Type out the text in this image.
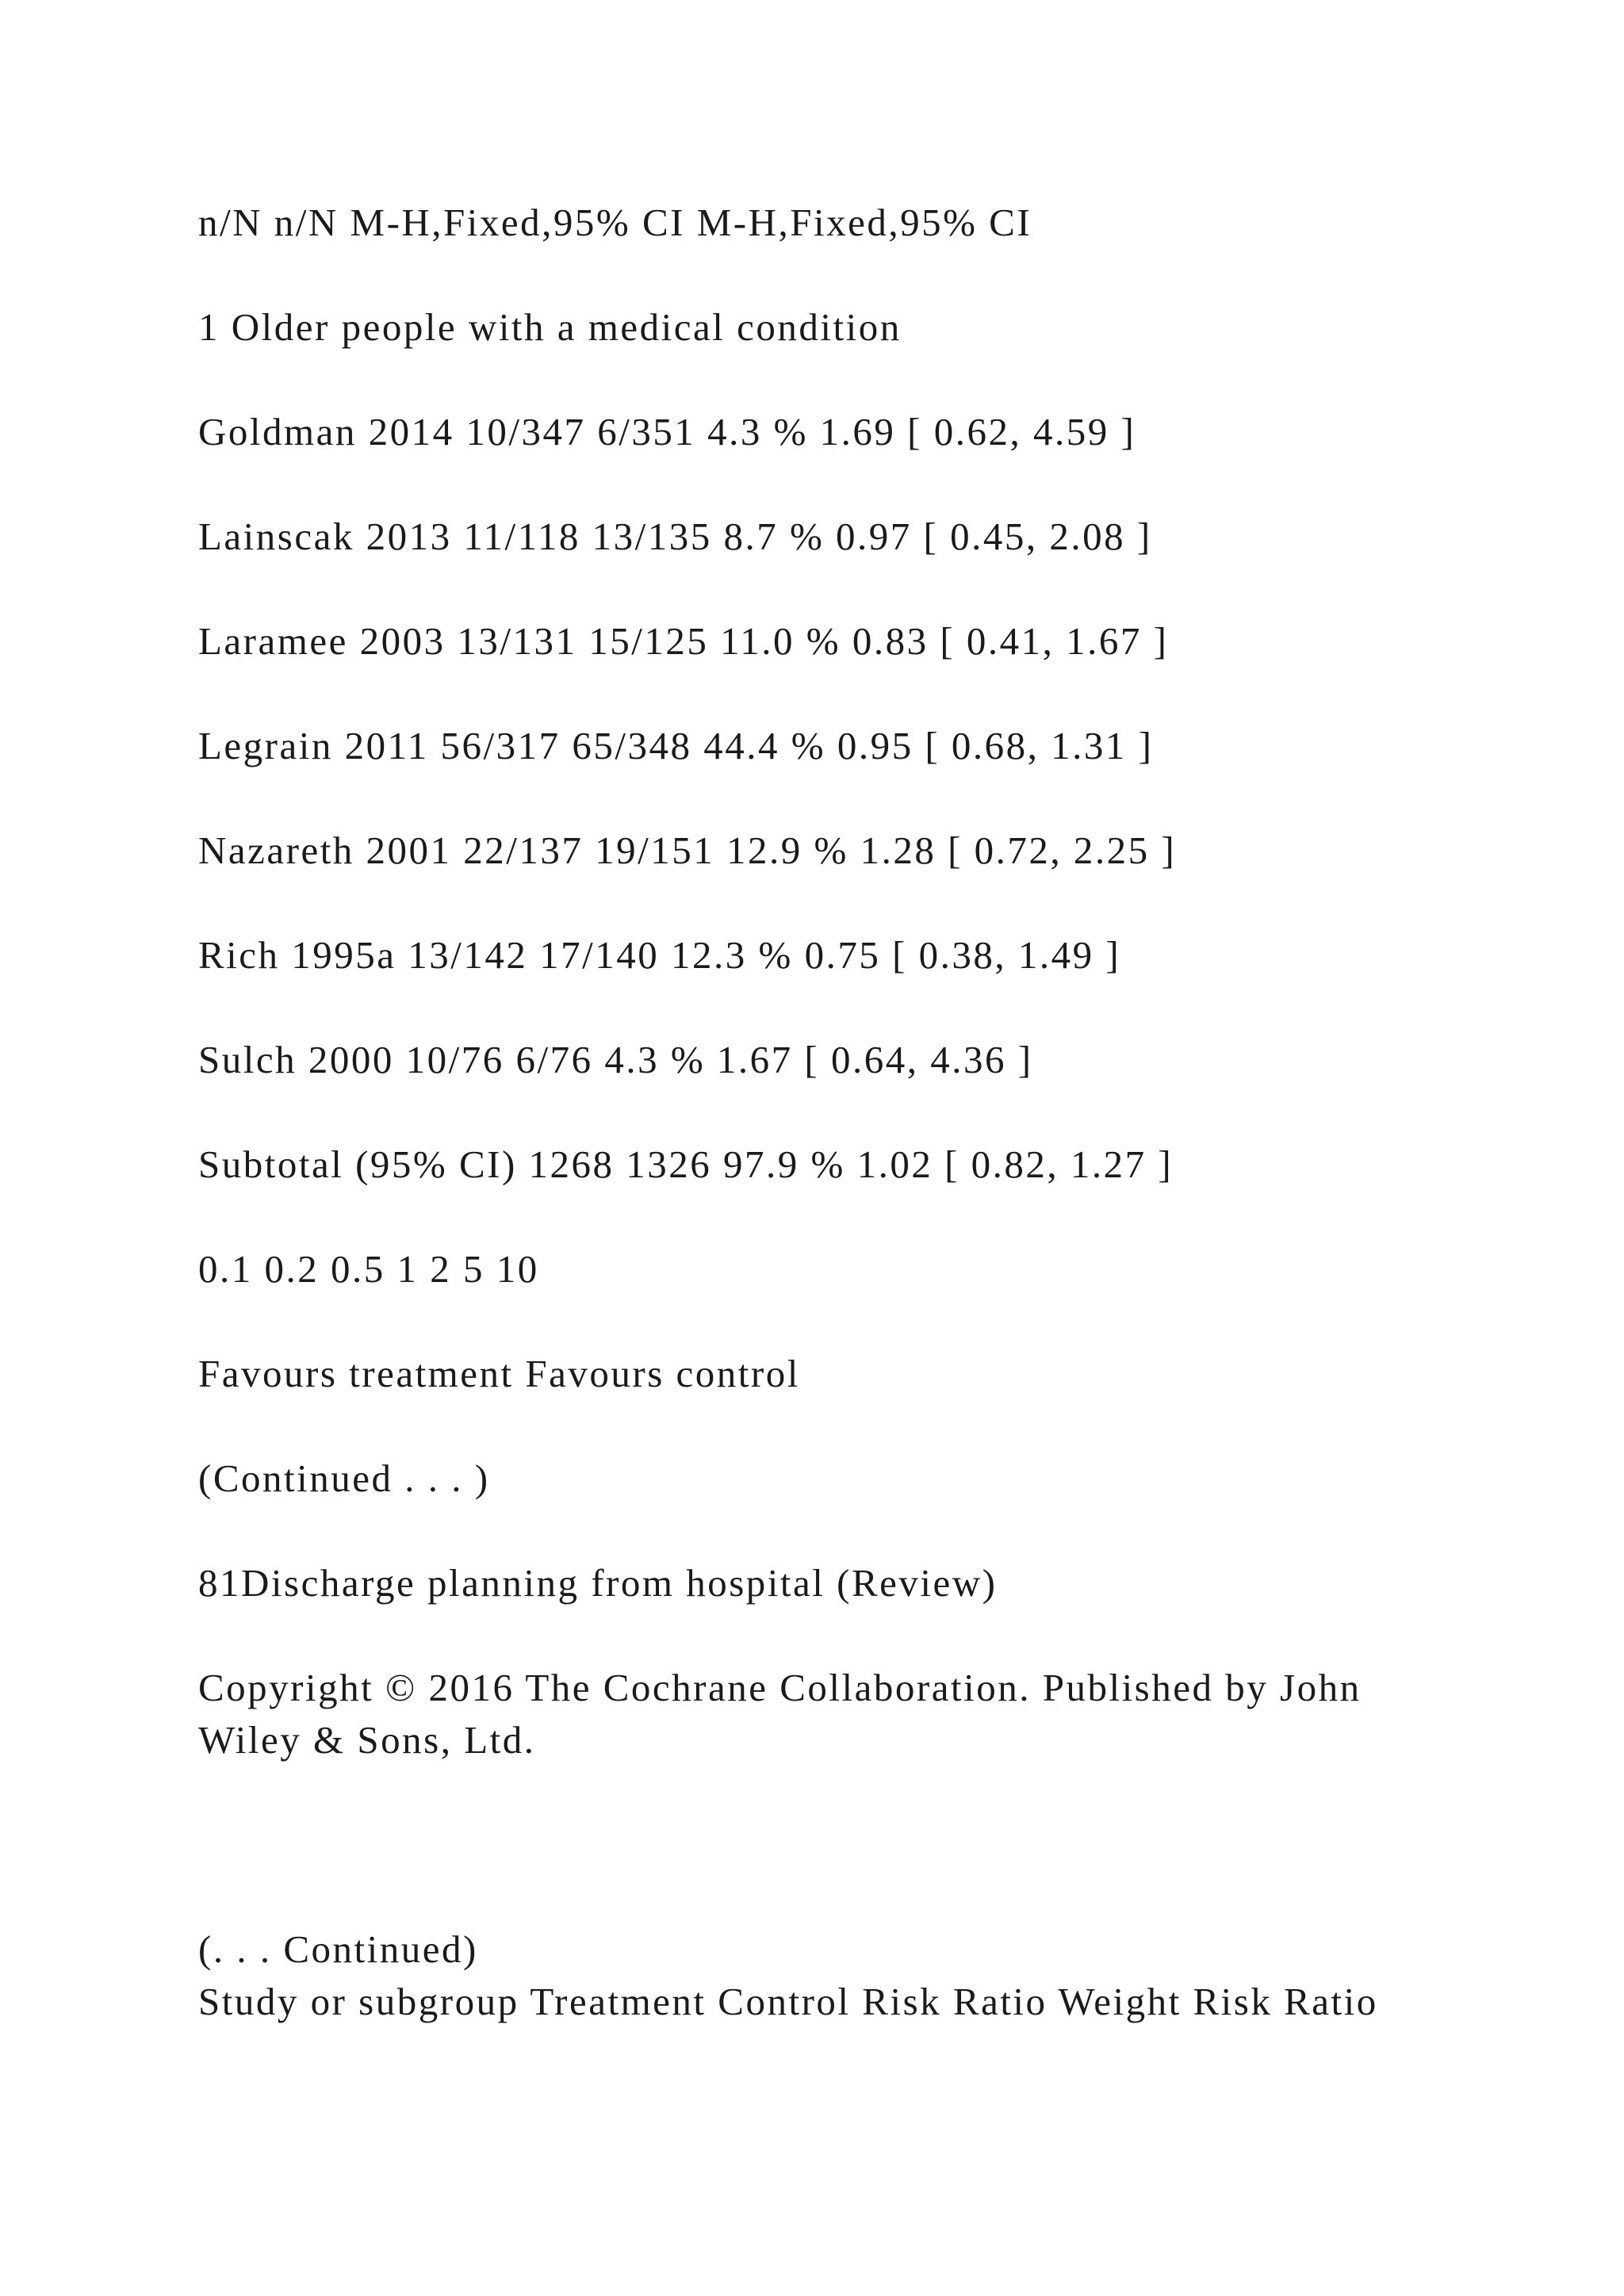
n/N n/N M-H,Fixed,95% CI M-H,Fixed,95% CI

1 Older people with a medical condition

Goldman 2014 10/347 6/351 4.3 % 1.69 [ 0.62, 4.59 ]

Lainscak 2013 11/118 13/135 8.7 % 0.97 [ 0.45, 2.08 ]

Laramee 2003 13/131 15/125 11.0 % 0.83 [ 0.41, 1.67 ]

Legrain 2011 56/317 65/348 44.4 % 0.95 [ 0.68, 1.31 ]

Nazareth 2001 22/137 19/151 12.9 % 1.28 [ 0.72, 2.25 ]

Rich 1995a 13/142 17/140 12.3 % 0.75 [ 0.38, 1.49 ]

Sulch 2000 10/76 6/76 4.3 % 1.67 [ 0.64, 4.36 ]

Subtotal (95% CI) 1268 1326 97.9 % 1.02 [ 0.82, 1.27 ]

0.1 0.2 0.5 1 2 5 10

Favours treatment Favours control

(Continued . . . )

81Discharge planning from hospital (Review)

Copyright © 2016 The Cochrane Collaboration. Published by John Wiley & Sons, Ltd.

(. . . Continued)

Study or subgroup Treatment Control Risk Ratio Weight Risk Ratio
